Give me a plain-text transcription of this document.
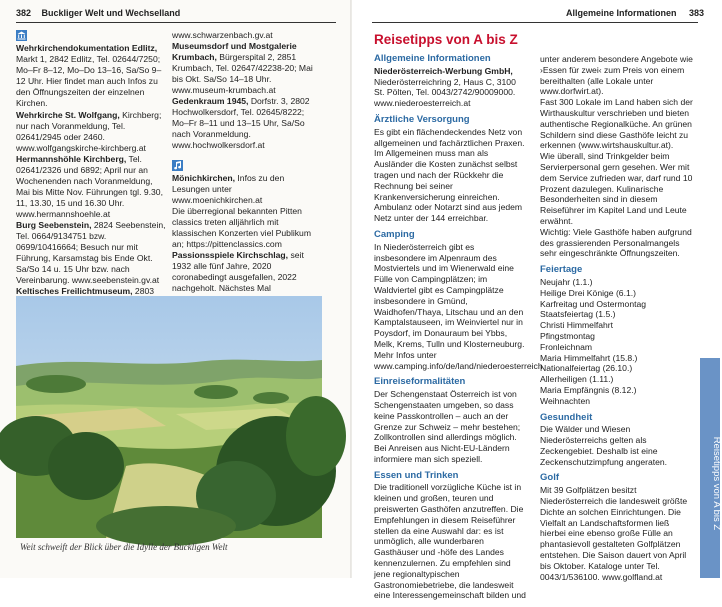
382 Buckliger Welt und Wechselland

Wehrkirchendokumentation Edlitz, Markt 1, 2842 Edlitz, Tel. 02644/7250; Mo–Fr 8–12, Mo–Do 13–16, Sa/So 9–12 Uhr. Hier findet man auch Infos zu den Öffnungszeiten der einzelnen Kirchen.

Wehrkirche St. Wolfgang, Kirchberg; nur nach Voranmeldung, Tel. 02641/2945 oder 2460. www.wolfgangskirche-kirchberg.at

Hermannshöhle Kirchberg, Tel. 02641/2326 und 6892; April nur an Wochenenden nach Voranmeldung, Mai bis Mitte Nov. Führungen tgl. 9.30, 11, 13.30, 15 und 16.30 Uhr. www.hermannshoehle.at

Burg Seebenstein, 2824 Seebenstein, Tel. 0664/9134751 bzw. 0699/10416664; Besuch nur mit Führung, Karsamstag bis Ende Okt. Sa/So 14 u. 15 Uhr bzw. nach Vereinbarung. www.seebenstein.gv.at

Keltisches Freilichtmuseum, 2803

www.schwarzenbach.gv.at

Museumsdorf und Mostgalerie Krumbach, Bürgerspital 2, 2851 Krumbach, Tel. 02647/42238-20; Mai bis Okt. Sa/So 14–18 Uhr. www.museum-krumbach.at

Gedenkraum 1945, Dorfstr. 3, 2802 Hochwolkersdorf, Tel. 02645/8222; Mo–Fr 8–11 und 13–15 Uhr, Sa/So nach Voranmeldung. www.hochwolkersdorf.at

Mönichkirchen, Infos zu den Lesungen unter www.moenichkirchen.at

Die überregional bekannten Pitten classics treten alljährlich mit klassischen Konzerten viel Publikum an; https://pittenclassics.com

Passionsspiele Kirchschlag, seit 1932 alle fünf Jahre, 2020 coronabedingt ausgefallen, 2022 nachgeholt. Nächstes Mal

Weit schweift der Blick über die Idylle der Buckligen Welt
Allgemeine Informationen 383
Reisetipps von A bis Z
Allgemeine Informationen

Niederösterreich-Werbung GmbH, Niederösterreichring 2, Haus C, 3100 St. Pölten, Tel. 0043/2742/90009000. www.niederoesterreich.at

Ärztliche Versorgung

Es gibt ein flächendeckendes Netz von allgemeinen und fachärztlichen Praxen. Im Allgemeinen muss man als Ausländer die Kosten zunächst selbst tragen und nach der Rückkehr die Rechnung bei seiner Krankenversicherung einreichen. Ambulanz oder Notarzt sind aus jedem Netz unter der 144 erreichbar.

Camping

In Niederösterreich gibt es insbesondere im Alpenraum des Mostviertels und im Wienerwald eine Fülle von Campingplätzen; im Waldviertel gibt es Campingplätze insbesondere in Gmünd, Waidhofen/Thaya, Litschau und an den Kamptalstauseen, im Weinviertel nur in Poysdorf, im Donauraum bei Ybbs, Melk, Krems, Tulln und Klosterneuburg. Mehr Infos unter www.camping.info/de/land/niederoesterreich

Einreiseformalitäten

Der Schengenstaat Österreich ist von Schengenstaaten umgeben, so dass keine Passkontrollen – auch an der Grenze zur Schweiz – mehr bestehen; Zollkontrollen sind allerdings möglich. Bei Anreisen aus Nicht-EU-Ländern informiere man sich speziell.

Essen und Trinken

Die traditionell vorzügliche Küche ist in kleinen und großen, teuren und preiswerten Gasthöfen anzutreffen. Die Empfehlungen in diesem Reiseführer stellen da eine Auswahl dar: es ist unmöglich, alle wunderbaren Gasthäuser und -höfe des Landes kennenzulernen. Zu empfehlen sind jene regionaltypischen Gastronomiebetriebe, die landesweit eine Interessengemeinschaft bilden und

unter anderem besondere Angebote wie ›Essen für zwei‹ zum Preis von einem bereithalten (alle Lokale unter www.dorfwirt.at).
Fast 300 Lokale im Land haben sich der Wirthauskultur verschrieben und bieten authentische Regionalküche. An grünen Schildern sind diese Gasthöfe leicht zu erkennen (www.wirtshauskultur.at).
Wie überall, sind Trinkgelder beim Servierpersonal gern gesehen. Wer mit dem Service zufrieden war, darf rund 10 Prozent dazulegen. Kulinarische Besonderheiten sind in diesem Reiseführer im Kapitel Land und Leute erwähnt.
Wichtig: Viele Gasthöfe haben aufgrund des grassierenden Personalmangels sehr eingeschränkte Öffnungszeiten.

Feiertage
Neujahr (1.1.)
Heilige Drei Könige (6.1.)
Karfreitag und Ostermontag
Staatsfeiertag (1.5.)
Christi Himmelfahrt
Pfingstmontag
Fronleichnam
Maria Himmelfahrt (15.8.)
Nationalfeiertag (26.10.)
Allerheiligen (1.11.)
Maria Empfängnis (8.12.)
Weihnachten
Gesundheit

Die Wälder und Wiesen Niederösterreichs gelten als Zeckengebiet. Deshalb ist eine Zeckenschutzimpfung angeraten.

Golf

Mit 39 Golfplätzen besitzt Niederösterreich die landesweit größte Dichte an solchen Einrichtungen. Die Vielfalt an Landschaftsformen ließ hierbei eine ebenso große Fülle an phantasievoll gestalteten Golfplätzen entstehen. Die Saison dauert von April bis Oktober. Kataloge unter Tel. 0043/1/536100. www.golfland.at

Reisetipps von A bis Z
